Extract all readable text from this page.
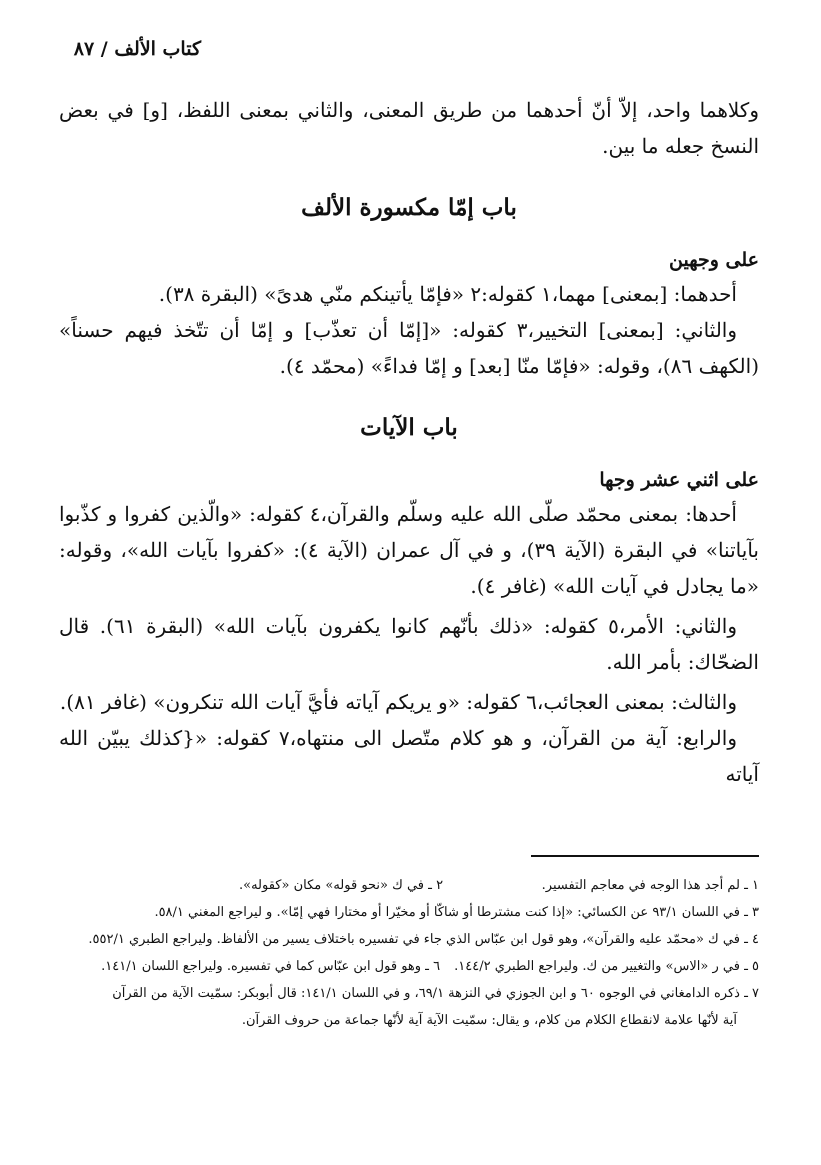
كتاب الألف / ٨٧

وكلاهما واحد، إلاّ أنّ أحدهما من طريق المعنى، والثاني بمعنى اللفظ، [و] في بعض النسخ جعله ما بين.

باب إمّا مكسورة الألف
على وجهين

أحدهما: [بمعنى] مهما،١ كقوله:٢ «فإمّا يأتينكم منّي هدىً» (البقرة ٣٨).

والثاني: [بمعنى] التخيير،٣ كقوله: «[إمّا أن تعذّب] و إمّا أن تتّخذ فيهم حسناً» (الكهف ٨٦)، وقوله: «فإمّا منّا [بعد] و إمّا فداءً» (محمّد ٤).

باب الآيات
على اثني عشر وجها

أحدها: بمعنى محمّد صلّى الله عليه وسلّم والقرآن،٤ كقوله: «والّذين كفروا و كذّبوا بآياتنا» في البقرة (الآية ٣٩)، و في آل عمران (الآية ٤): «كفروا بآيات الله»، وقوله: «ما يجادل في آيات الله» (غافر ٤).

والثاني: الأمر،٥ كقوله: «ذلك بأنّهم كانوا يكفرون بآيات الله» (البقرة ٦١). قال الضحّاك: بأمر الله.

والثالث: بمعنى العجائب،٦ كقوله: «و يريكم آياته فأيَّ آيات الله تنكرون» (غافر ٨١).

والرابع: آية من القرآن، و هو كلام متّصل الى منتهاه،٧ كقوله: «{كذلك يبيّن الله آياته

١ ـ لم أجد هذا الوجه في معاجم التفسير.

٢ ـ في ك «نحو قوله» مكان «كقوله».

٣ ـ في اللسان ٩٣/١ عن الكسائي: «إذا كنت مشترطا أو شاكّا أو مخيّرا أو مختارا فهي إمّا». و ليراجع المغني ٥٨/١.

٤ ـ في ك «محمّد عليه والقرآن»، وهو قول ابن عبّاس الذي جاء في تفسيره باختلاف يسير من الألفاظ. وليراجع الطبري ٥٥٢/١.

٥ ـ في ر «الاس» والتغيير من ك. وليراجع الطبري ١٤٤/٢.

٦ ـ وهو قول ابن عبّاس كما في تفسيره. وليراجع اللسان ١٤١/١.

٧ ـ ذكره الدامغاني في الوجوه ٦٠ و ابن الجوزي في النزهة ٦٩/١، و في اللسان ١٤١/١: قال أبوبكر: سمّيت الآية من القرآن

آية لأنّها علامة لانقطاع الكلام من كلام، و يقال: سمّيت الآية آية لأنّها جماعة من حروف القرآن.
